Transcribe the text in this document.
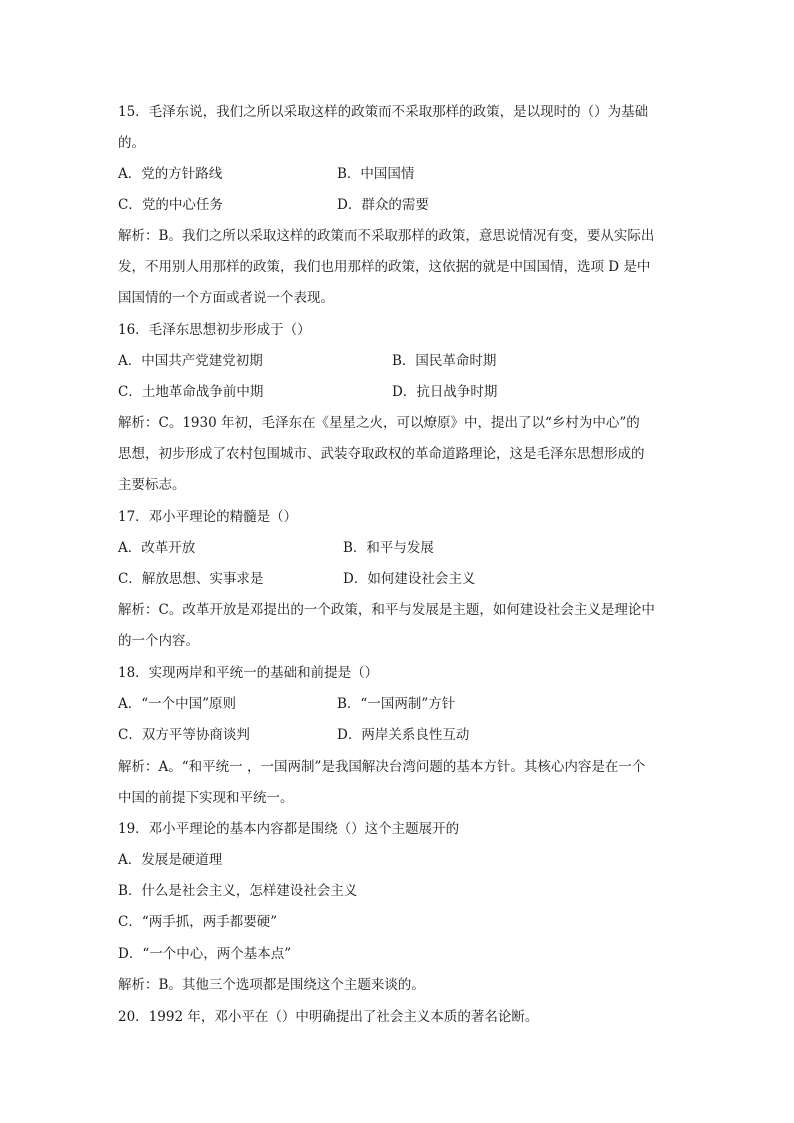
15．毛泽东说，我们之所以采取这样的政策而不采取那样的政策，是以现时的（）为基础
的。
A．党的方针路线	B．中国国情
C．党的中心任务	D．群众的需要
解析：B。我们之所以采取这样的政策而不采取那样的政策，意思说情况有变，要从实际出
发，不用别人用那样的政策，我们也用那样的政策，这依据的就是中国国情，选项 D 是中
国国情的一个方面或者说一个表现。
16．毛泽东思想初步形成于（）
A．中国共产党建党初期	B．国民革命时期
C．土地革命战争前中期	D．抗日战争时期
解析：C。1930 年初，毛泽东在《星星之火，可以燎原》中，提出了以“乡村为中心”的
思想，初步形成了农村包围城市、武装夺取政权的革命道路理论，这是毛泽东思想形成的
主要标志。
17．邓小平理论的精髓是（）
A．改革开放	B．和平与发展
C．解放思想、实事求是	D．如何建设社会主义
解析：C。改革开放是邓提出的一个政策，和平与发展是主题，如何建设社会主义是理论中
的一个内容。
18．实现两岸和平统一的基础和前提是（）
A．“一个中国”原则	B．“一国两制”方针
C．双方平等协商谈判	D．两岸关系良性互动
解析：A。“和平统一 ，一国两制”是我国解决台湾问题的基本方针。其核心内容是在一个
中国的前提下实现和平统一。
19．邓小平理论的基本内容都是围绕（）这个主题展开的
A．发展是硬道理
B．什么是社会主义，怎样建设社会主义
C．“两手抓，两手都要硬”
D．“一个中心，两个基本点”
解析：B。其他三个选项都是围绕这个主题来谈的。
20．1992 年，邓小平在（）中明确提出了社会主义本质的著名论断。
